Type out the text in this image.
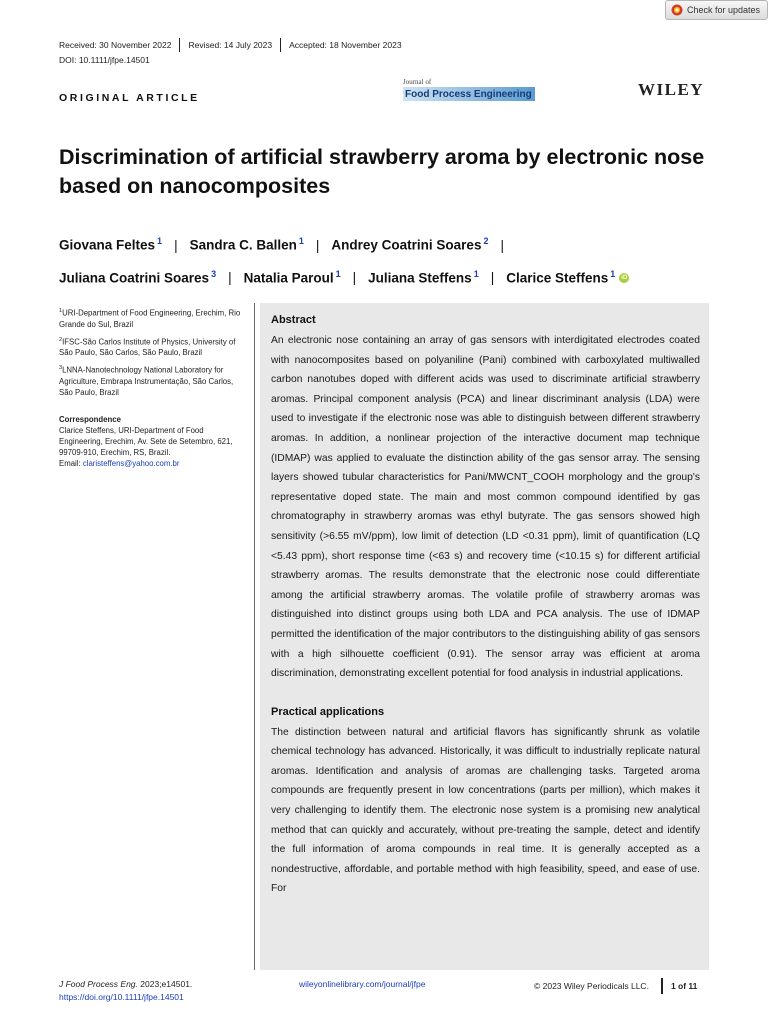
Check for updates
Received: 30 November 2022	Revised: 14 July 2023	Accepted: 18 November 2023
DOI: 10.1111/jfpe.14501
ORIGINAL ARTICLE
Journal of
Food Process Engineering	WILEY
Discrimination of artificial strawberry aroma by electronic nose based on nanocomposites
Giovana Feltes $^1$ | Sandra C. Ballen $^1$ | Andrey Coatrini Soares $^2$ |
Juliana Coatrini Soares $^3$ | Natalia Paroul $^1$ | Juliana Steffens $^1$ | Clarice Steffens $^1$ iD
$^1$URI-Department of Food Engineering, Erechim, Rio Grande do Sul, Brazil
$^2$IFSC-São Carlos Institute of Physics, University of São Paulo, São Carlos, São Paulo, Brazil
$^3$LNNA-Nanotechnology National Laboratory for Agriculture, Embrapa Instrumentação, São Carlos, São Paulo, Brazil
Correspondence
Clarice Steffens, URI-Department of Food Engineering, Erechim, Av. Sete de Setembro, 621, 99709-910, Erechim, RS, Brazil.
Email: claristeffens@yahoo.com.br
Abstract

An electronic nose containing an array of gas sensors with interdigitated electrodes coated with nanocomposites based on polyaniline (Pani) combined with carboxylated multiwalled carbon nanotubes doped with different acids was used to discriminate artificial strawberry aromas. Principal component analysis (PCA) and linear discriminant analysis (LDA) were used to investigate if the electronic nose was able to distinguish between different strawberry aromas. In addition, a nonlinear projection of the interactive document map technique (IDMAP) was applied to evaluate the distinction ability of the gas sensor array. The sensing layers showed tubular characteristics for Pani/MWCNT_COOH morphology and the group's representative doped state. The main and most common compound identified by gas chromatography in strawberry aromas was ethyl butyrate. The gas sensors showed high sensitivity (>6.55 mV/ppm), low limit of detection (LD <0.31 ppm), limit of quantification (LQ <5.43 ppm), short response time (<63 s) and recovery time (<10.15 s) for different artificial strawberry aromas. The results demonstrate that the electronic nose could differentiate among the artificial strawberry aromas. The volatile profile of strawberry aromas was distinguished into distinct groups using both LDA and PCA analysis. The use of IDMAP permitted the identification of the major contributors to the distinguishing ability of gas sensors with a high silhouette coefficient (0.91). The sensor array was efficient at aroma discrimination, demonstrating excellent potential for food analysis in industrial applications.

Practical applications

The distinction between natural and artificial flavors has significantly shrunk as volatile chemical technology has advanced. Historically, it was difficult to industrially replicate natural aromas. Identification and analysis of aromas are challenging tasks. Targeted aroma compounds are frequently present in low concentrations (parts per million), which makes it very challenging to identify them. The electronic nose system is a promising new analytical method that can quickly and accurately, without pre-treating the sample, detect and identify the full information of aroma compounds in real time. It is generally accepted as a nondestructive, affordable, and portable method with high feasibility, speed, and ease of use. For

J Food Process Eng. 2023;e14501.
https://doi.org/10.1111/jfpe.14501
wileyonlinelibrary.com/journal/jfpe	© 2023 Wiley Periodicals LLC.	1 of 11
